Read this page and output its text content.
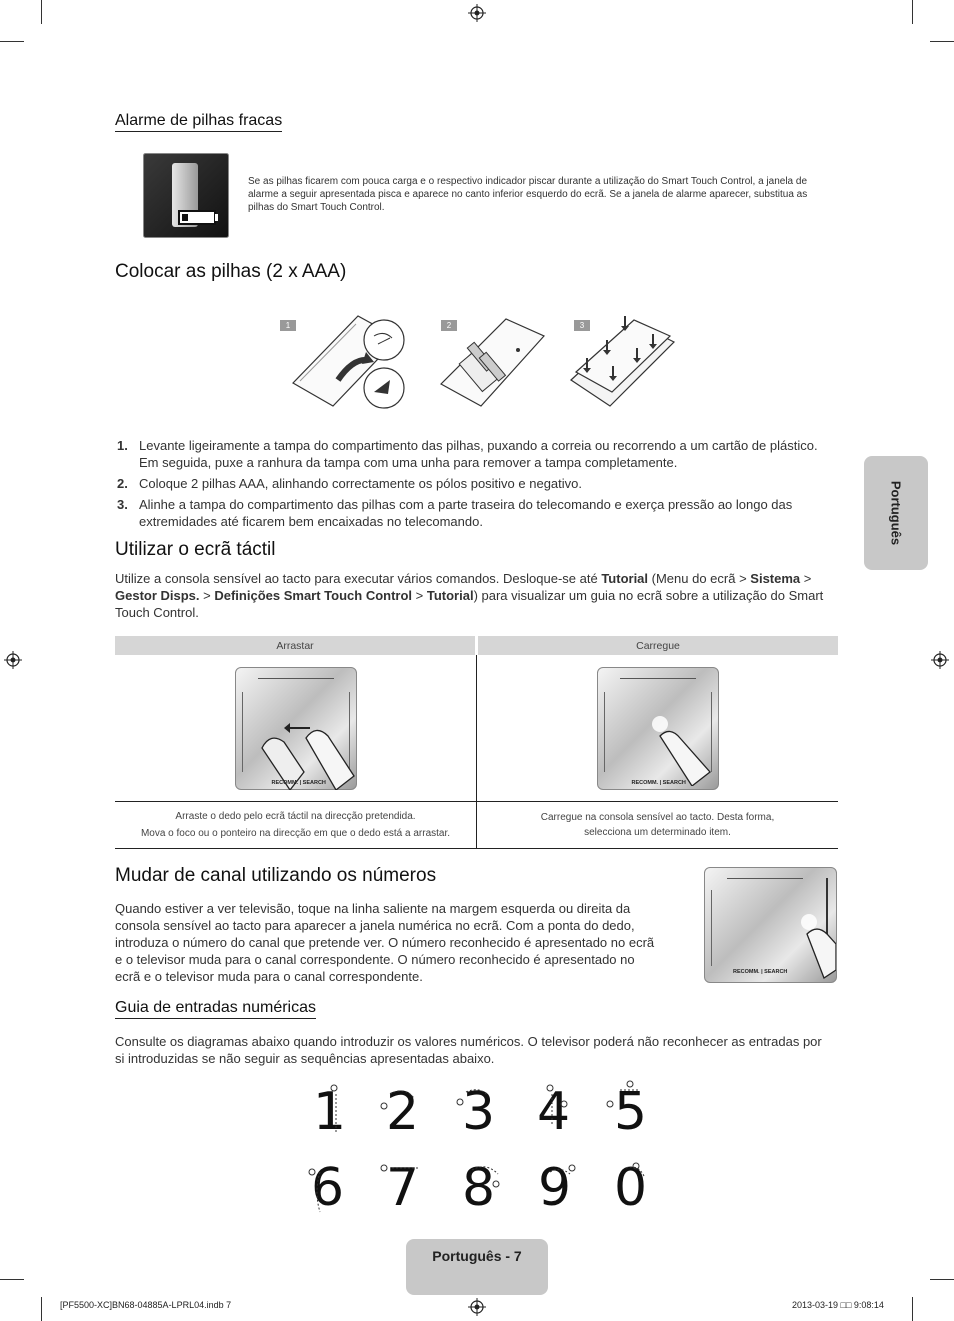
Português
Alarme de pilhas fracas
Se as pilhas ficarem com pouca carga e o respectivo indicador piscar durante a utilização do Smart Touch Control, a janela de alarme a seguir apresentada pisca e aparece no canto inferior esquerdo do ecrã. Se a janela de alarme aparecer, substitua as pilhas do Smart Touch Control.
Colocar as pilhas (2 x AAA)
1	2	3
1. Levante ligeiramente a tampa do compartimento das pilhas, puxando a correia ou recorrendo a um cartão de plástico. Em seguida, puxe a ranhura da tampa com uma unha para remover a tampa completamente.
2. Coloque 2 pilhas AAA, alinhando correctamente os pólos positivo e negativo.
3. Alinhe a tampa do compartimento das pilhas com a parte traseira do telecomando e exerça pressão ao longo das extremidades até ficarem bem encaixadas no telecomando.
Utilizar o ecrã táctil
Utilize a consola sensível ao tacto para executar vários comandos. Desloque-se até Tutorial (Menu do ecrã > Sistema > Gestor Disps. > Definições Smart Touch Control > Tutorial) para visualizar um guia no ecrã sobre a utilização do Smart Touch Control.
Arrastar	Carregue

RECOMM. | SEARCH	RECOMM. | SEARCH

Arraste o dedo pelo ecrã táctil na direcção pretendida.
Mova o foco ou o ponteiro na direcção em que o dedo está a arrastar.	Carregue na consola sensível ao tacto. Desta forma, selecciona um determinado item.
Mudar de canal utilizando os números
Quando estiver a ver televisão, toque na linha saliente na margem esquerda ou direita da consola sensível ao tacto para aparecer a janela numérica no ecrã. Com a ponta do dedo, introduza o número do canal que pretende ver. O número reconhecido é apresentado no ecrã e o televisor muda para o canal correspondente. O número reconhecido é apresentado no ecrã e o televisor muda para o canal correspondente.	RECOMM. | SEARCH
Guia de entradas numéricas
Consulte os diagramas abaixo quando introduzir os valores numéricos. O televisor poderá não reconhecer as entradas por si introduzidas se não seguir as sequências apresentadas abaixo.
1 2 3 4 5
6 7 8 9 0
Português - 7
[PF5500-XC]BN68-04885A-LPRL04.indb 7	2013-03-19 □□ 9:08:14
